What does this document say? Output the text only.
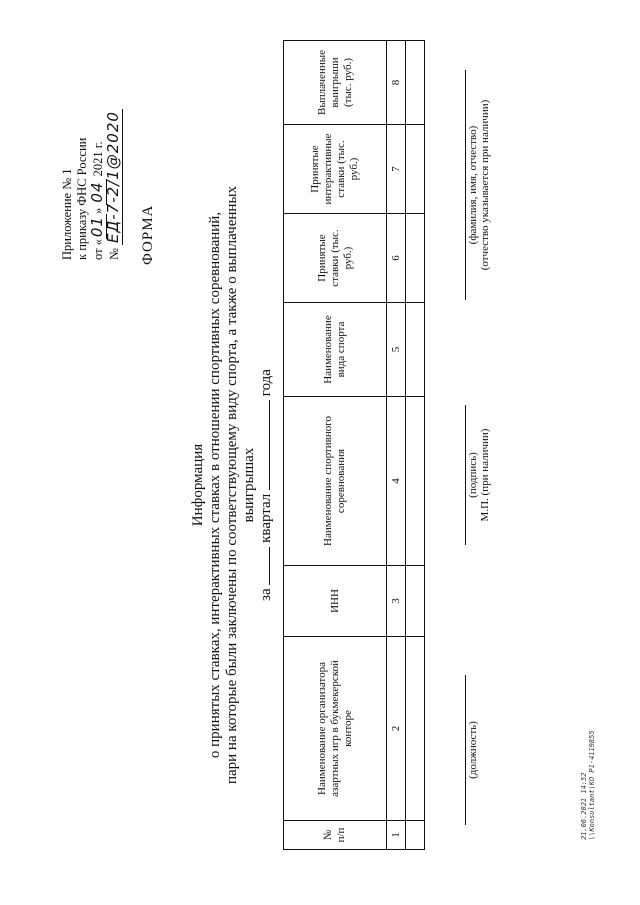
Приложение № 1 к приказу ФНС России от «01» 04 2021 г.
№ ЕД-7-2/1@2020 ФОРМА
Информация о принятых ставках, интерактивных ставках в отношении спортивных соревнований, пари на которые были заключены по соответствующему виду спорта, а также о выплаченных выигрышах
за  квартал  года
№ п/п	Наименование организатора азартных игр в букмекерской конторе	ИНН	Наименование спортивного соревнования	Наименование вида спорта	Принятые ставки (тыс. руб.)	Принятые интерактивные ставки (тыс. руб.)	Выплаченные выигрыши (тыс. руб.)
1	2	3	4	5	6	7	8

(должность)
(подпись) М.П. (при наличии)
(фамилия, имя, отчество) (отчество указывается при наличии)
21.06.2021 14:52 \\Konsultant\KO P1-4119855
